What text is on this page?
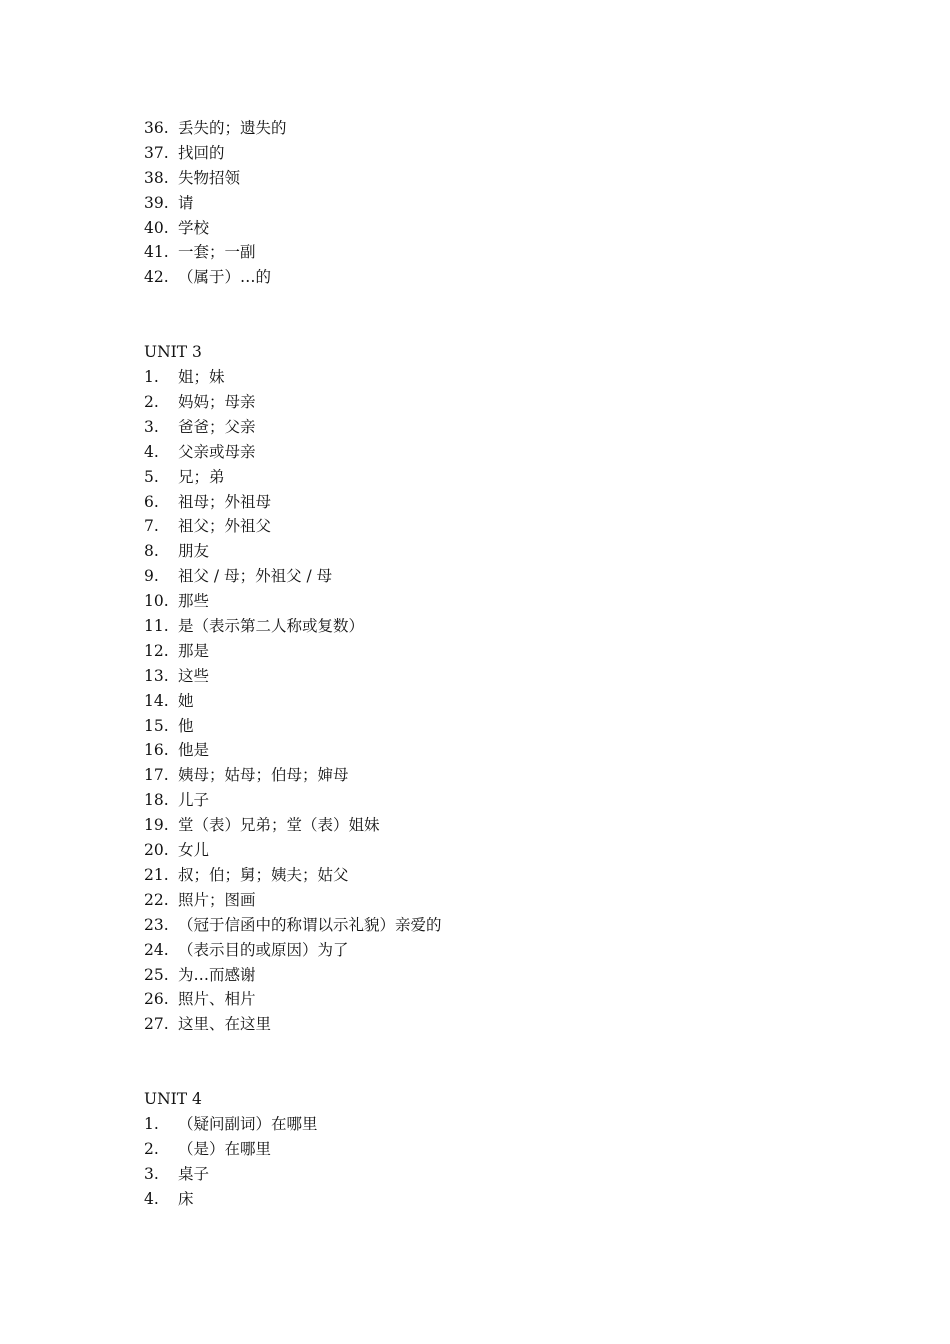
36. 丢失的；遗失的
37. 找回的
38. 失物招领
39. 请
40. 学校
41. 一套；一副
42. （属于）…的
UNIT 3
1.	姐；妹
2.	妈妈；母亲
3.	爸爸；父亲
4.	父亲或母亲
5.	兄；弟
6.	祖母；外祖母
7.	祖父；外祖父
8.	朋友
9.	祖父 / 母；外祖父 / 母
10. 那些
11. 是（表示第二人称或复数）
12. 那是
13. 这些
14. 她
15. 他
16. 他是
17. 姨母；姑母；伯母；婶母
18. 儿子
19. 堂（表）兄弟；堂（表）姐妹
20. 女儿
21. 叔；伯；舅；姨夫；姑父
22. 照片；图画
23. （冠于信函中的称谓以示礼貌）亲爱的
24. （表示目的或原因）为了
25. 为…而感谢
26. 照片、相片
27. 这里、在这里
UNIT 4
1.	（疑问副词）在哪里
2.	（是）在哪里
3.	桌子
4.	床
